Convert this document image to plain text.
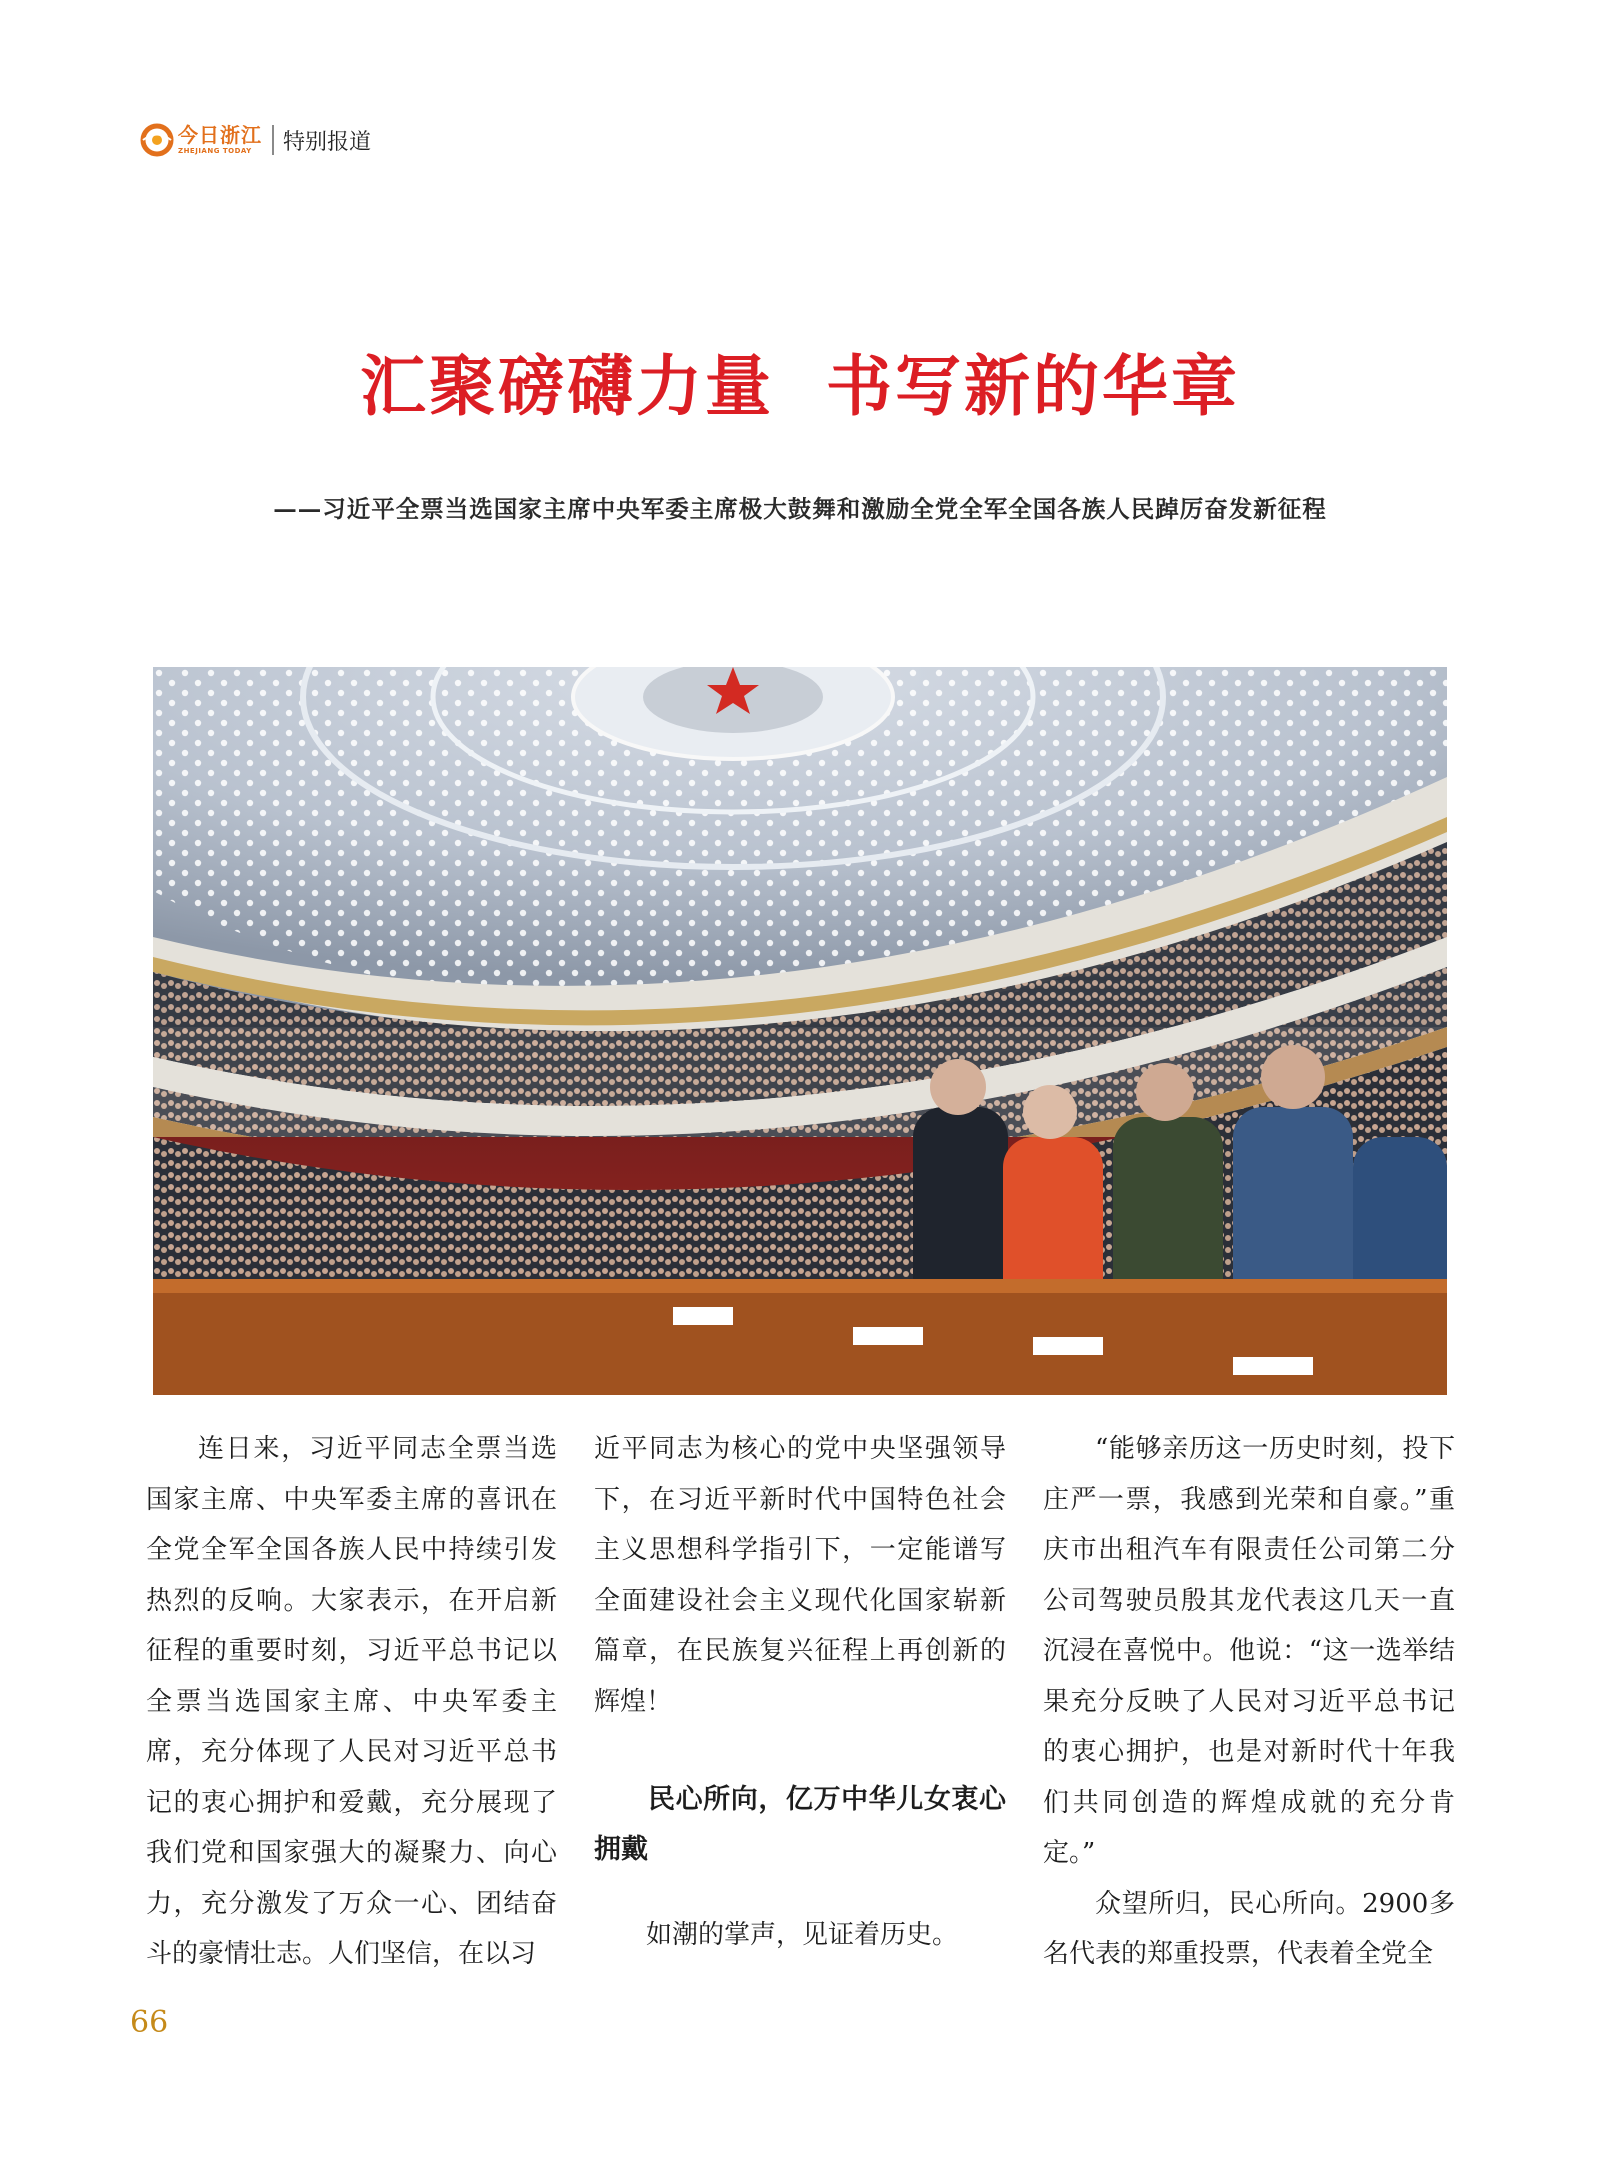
今日浙江
ZHEJIANG TODAY	特别报道
汇聚磅礴力量  书写新的华章
——习近平全票当选国家主席中央军委主席极大鼓舞和激励全党全军全国各族人民踔厉奋发新征程

连日来，习近平同志全票当选国家主席、中央军委主席的喜讯在全党全军全国各族人民中持续引发热烈的反响。大家表示，在开启新征程的重要时刻，习近平总书记以全票当选国家主席、中央军委主席，充分体现了人民对习近平总书记的衷心拥护和爱戴，充分展现了我们党和国家强大的凝聚力、向心力，充分激发了万众一心、团结奋斗的豪情壮志。人们坚信，在以习

近平同志为核心的党中央坚强领导下，在习近平新时代中国特色社会主义思想科学指引下，一定能谱写全面建设社会主义现代化国家崭新篇章，在民族复兴征程上再创新的辉煌！

民心所向，亿万中华儿女衷心拥戴

如潮的掌声，见证着历史。

“能够亲历这一历史时刻，投下庄严一票，我感到光荣和自豪。”重庆市出租汽车有限责任公司第二分公司驾驶员殷其龙代表这几天一直沉浸在喜悦中。他说：“这一选举结果充分反映了人民对习近平总书记的衷心拥护，也是对新时代十年我们共同创造的辉煌成就的充分肯定。”

众望所归，民心所向。2900多名代表的郑重投票，代表着全党全

66
